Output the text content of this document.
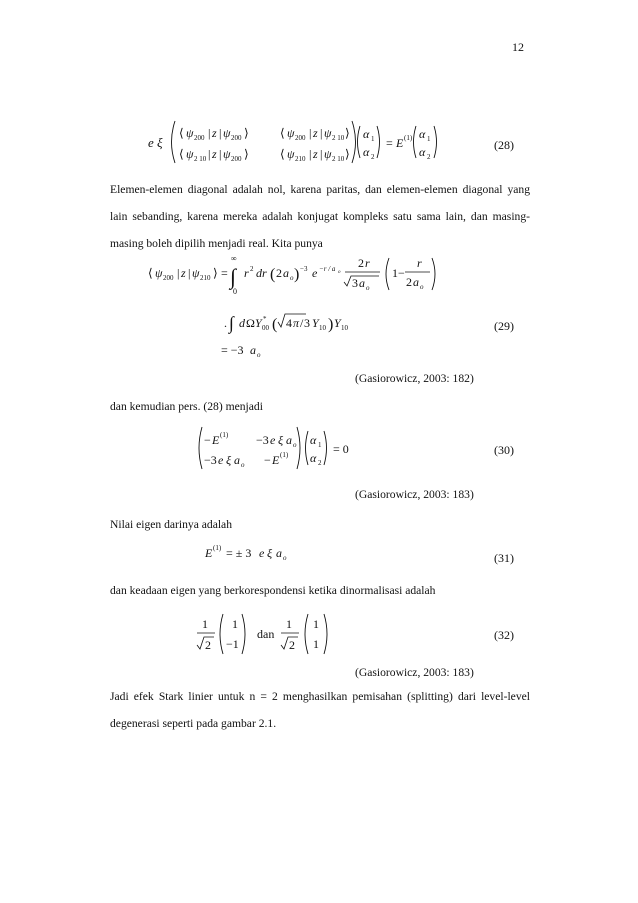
12
e ξ
⟨ ψ 200 | z | ψ 200 ⟩
⟨ ψ 2 10 | z | ψ 200 ⟩
⟨ ψ 200 | z | ψ 2 10 ⟩
⟨ ψ 210 | z | ψ 2 10 ⟩
α 1
α 2
= E (1) α 1
α 2
(28)
Elemen-elemen diagonal adalah nol, karena paritas, dan elemen-elemen diagonal yang lain sebanding, karena mereka adalah konjugat kompleks satu sama lain, dan masing-masing boleh dipilih menjadi real. Kita punya
⟨ ψ 200 | z | ψ 210 ⟩ =
∞
∫
0
r 2 dr ( 2 a o ) −3 e −r / a o
2 r
3 a o
1−
r
2 a o
. ∫ d Ω Y *
00 ( 4 π / 3 Y 10 ) Y 10
= −3 a o
(29)
(Gasiorowicz, 2003: 182)
dan kemudian pers. (28) menjadi
− E (1) −3 e ξ a o
−3 e ξ a o − E (1)
α 1
α 2
= 0	(30)
(Gasiorowicz, 2003: 183)
Nilai eigen darinya adalah
E (1) = ± 3 e ξ a o	(31)
dan keadaan eigen yang berkorespondensi ketika dinormalisasi adalah
1
2
1
−1
dan
1
2
1
1
(32)
(Gasiorowicz, 2003: 183)
Jadi efek Stark linier untuk n = 2 menghasilkan pemisahan (splitting) dari level-level degenerasi seperti pada gambar 2.1.
